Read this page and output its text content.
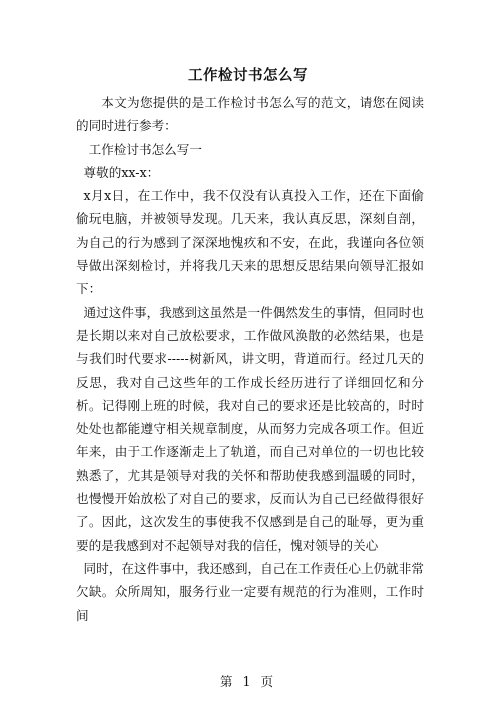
工作检讨书怎么写

本文为您提供的是工作检讨书怎么写的范文，请您在阅读的同时进行参考：

工作检讨书怎么写一

尊敬的xx-x：

x月x日，在工作中，我不仅没有认真投入工作，还在下面偷偷玩电脑，并被领导发现。几天来，我认真反思，深刻自剖，为自己的行为感到了深深地愧疚和不安，在此，我谨向各位领导做出深刻检讨，并将我几天来的思想反思结果向领导汇报如下：

通过这件事，我感到这虽然是一件偶然发生的事情，但同时也是长期以来对自己放松要求，工作做风涣散的必然结果，也是与我们时代要求-----树新风，讲文明，背道而行。经过几天的反思，我对自己这些年的工作成长经历进行了详细回忆和分析。记得刚上班的时候，我对自己的要求还是比较高的，时时处处也都能遵守相关规章制度，从而努力完成各项工作。但近年来，由于工作逐渐走上了轨道，而自己对单位的一切也比较熟悉了，尤其是领导对我的关怀和帮助使我感到温暖的同时，也慢慢开始放松了对自己的要求，反而认为自己已经做得很好了。因此，这次发生的事使我不仅感到是自己的耻辱，更为重要的是我感到对不起领导对我的信任，愧对领导的关心

同时，在这件事中，我还感到，自己在工作责任心上仍就非常欠缺。众所周知，服务行业一定要有规范的行为准则，工作时间

第 1 页
